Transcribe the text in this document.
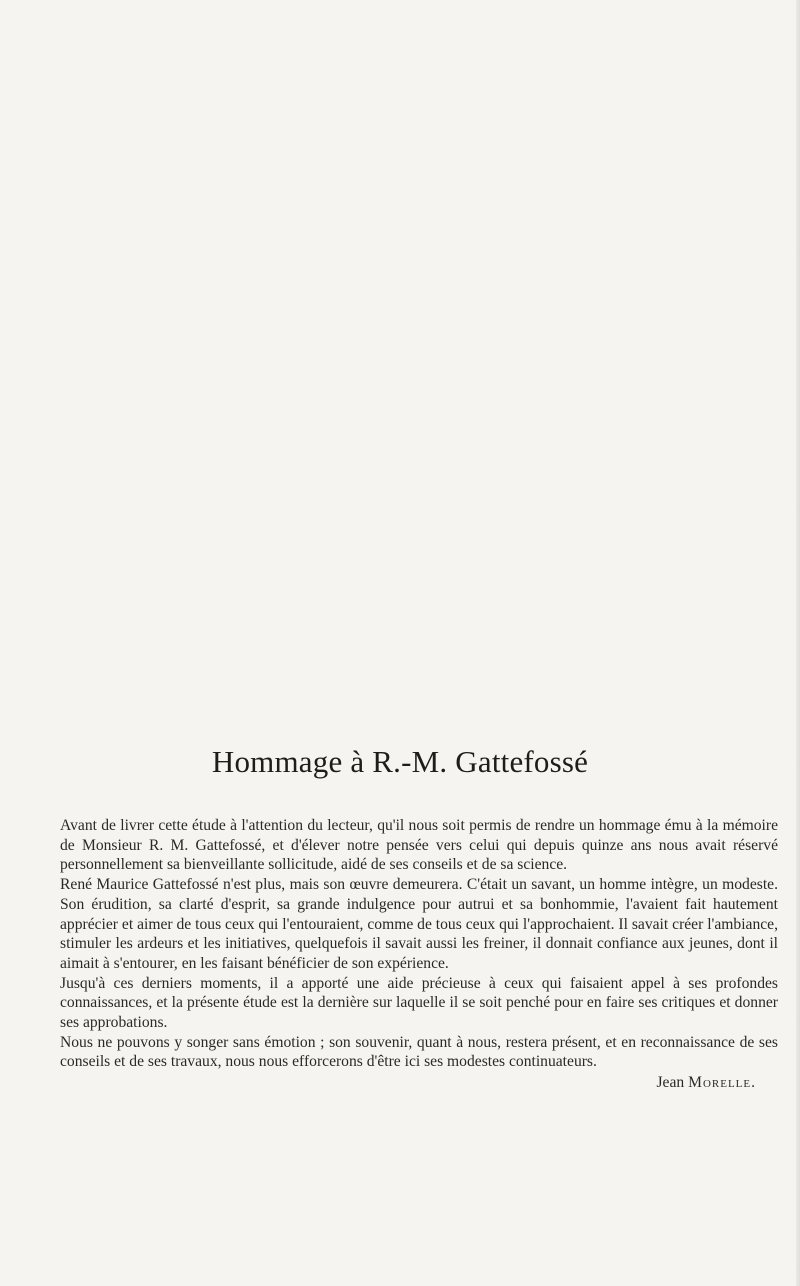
Hommage à R.-M. Gattefossé

Avant de livrer cette étude à l'attention du lecteur, qu'il nous soit permis de rendre un hommage ému à la mémoire de Monsieur R. M. Gattefossé, et d'élever notre pensée vers celui qui depuis quinze ans nous avait réservé personnellement sa bienveillante sollicitude, aidé de ses conseils et de sa science.

René Maurice Gattefossé n'est plus, mais son œuvre demeurera. C'était un savant, un homme intègre, un modeste. Son érudition, sa clarté d'esprit, sa grande indulgence pour autrui et sa bonhommie, l'avaient fait hautement apprécier et aimer de tous ceux qui l'entouraient, comme de tous ceux qui l'approchaient. Il savait créer l'ambiance, stimuler les ardeurs et les initiatives, quelquefois il savait aussi les freiner, il donnait confiance aux jeunes, dont il aimait à s'entourer, en les faisant bénéficier de son expérience.

Jusqu'à ces derniers moments, il a apporté une aide précieuse à ceux qui faisaient appel à ses profondes connaissances, et la présente étude est la dernière sur laquelle il se soit penché pour en faire ses critiques et donner ses approbations.

Nous ne pouvons y songer sans émotion ; son souvenir, quant à nous, restera présent, et en reconnaissance de ses conseils et de ses travaux, nous nous efforcerons d'être ici ses modestes continuateurs.

Jean Morelle.
